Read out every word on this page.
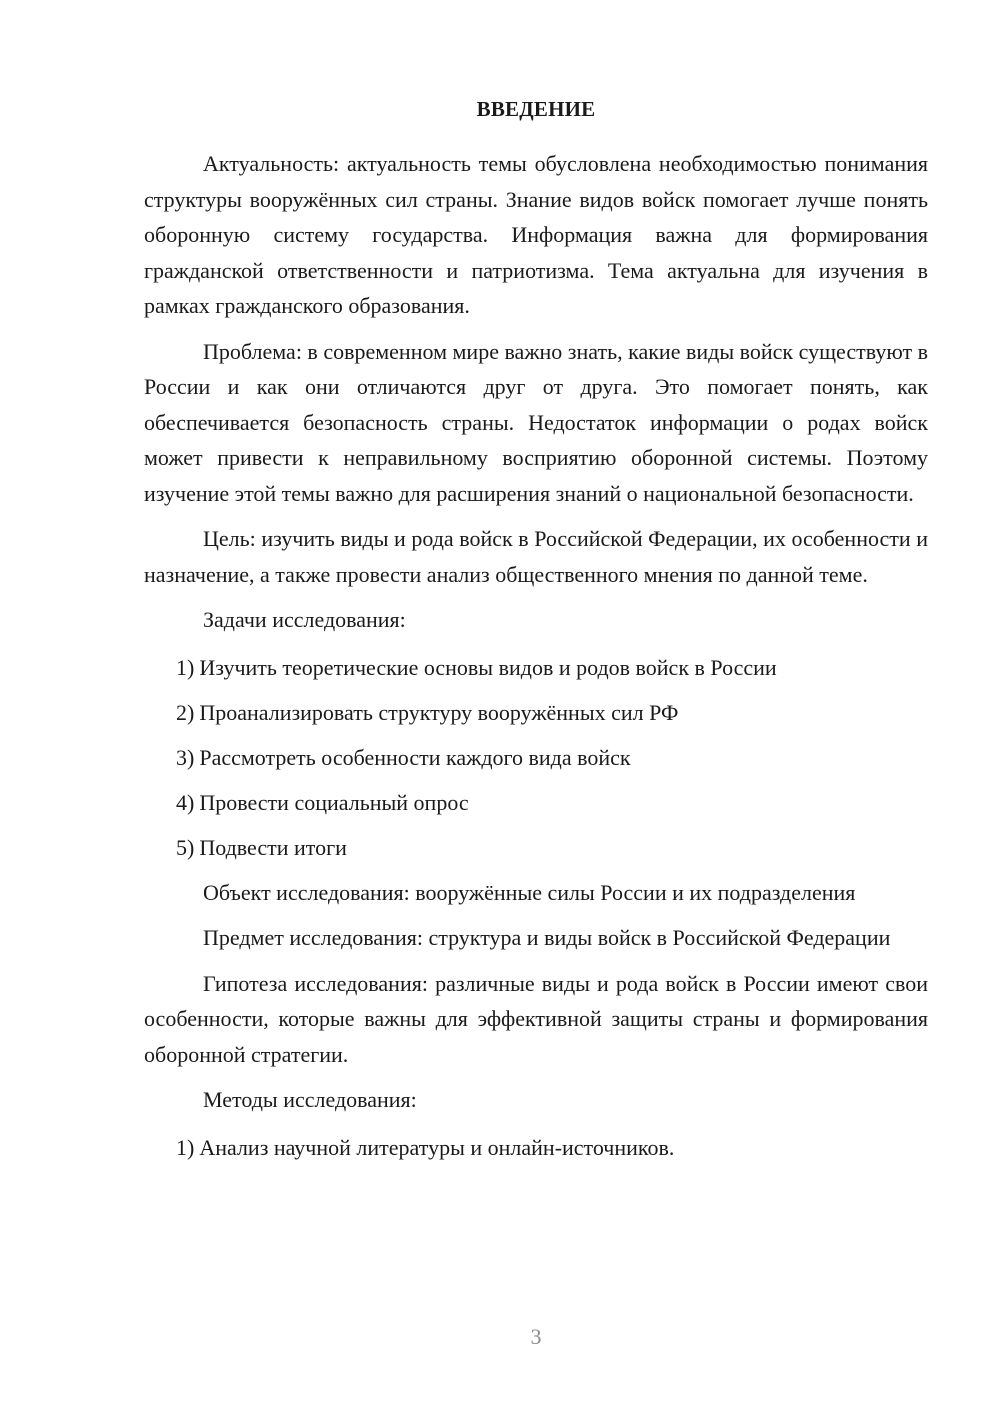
ВВЕДЕНИЕ

Актуальность: актуальность темы обусловлена необходимостью понимания структуры вооружённых сил страны. Знание видов войск помогает лучше понять оборонную систему государства. Информация важна для формирования гражданской ответственности и патриотизма. Тема актуальна для изучения в рамках гражданского образования.

Проблема: в современном мире важно знать, какие виды войск существуют в России и как они отличаются друг от друга. Это помогает понять, как обеспечивается безопасность страны. Недостаток информации о родах войск может привести к неправильному восприятию оборонной системы. Поэтому изучение этой темы важно для расширения знаний о национальной безопасности.

Цель: изучить виды и рода войск в Российской Федерации, их особенности и назначение, а также провести анализ общественного мнения по данной теме.

Задачи исследования:

1) Изучить теоретические основы видов и родов войск в России
2) Проанализировать структуру вооружённых сил РФ
3) Рассмотреть особенности каждого вида войск
4) Провести социальный опрос
5) Подвести итоги

Объект исследования: вооружённые силы России и их подразделения

Предмет исследования: структура и виды войск в Российской Федерации

Гипотеза исследования: различные виды и рода войск в России имеют свои особенности, которые важны для эффективной защиты страны и формирования оборонной стратегии.

Методы исследования:

1) Анализ научной литературы и онлайн-источников.
3
